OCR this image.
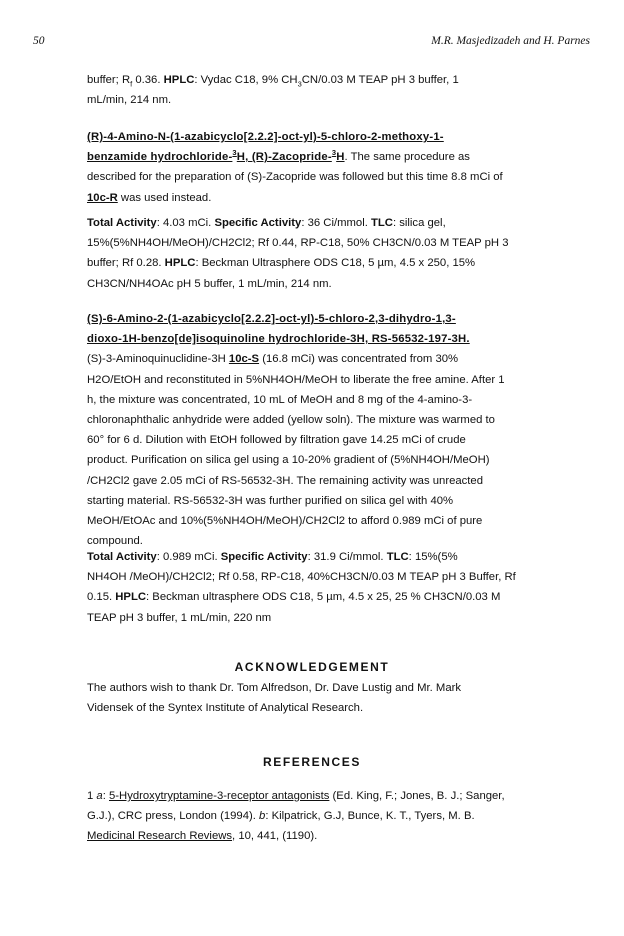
50	M.R. Masjedizadeh and H. Parnes

buffer; $R_f$ 0.36. HPLC: Vydac C18, 9% $CH_3CN/0.03$ M TEAP pH 3 buffer, 1

mL/min, 214 nm.

(R)-4-Amino-N-(1-azabicyclo[2.2.2]-oct-yl)-5-chloro-2-methoxy-1-

benzamide hydrochloride-$^3$H, (R)-Zacopride-$^3$H. The same procedure as

described for the preparation of (S)-Zacopride was followed but this time 8.8 mCi of

10c-R was used instead.

Total Activity: 4.03 mCi. Specific Activity: 36 Ci/mmol. TLC: silica gel,

15%(5%NH4OH/MeOH)/CH2Cl2; Rf 0.44, RP-C18, 50% CH3CN/0.03 M TEAP pH 3

buffer; Rf 0.28. HPLC: Beckman Ultrasphere ODS C18, 5 µm, 4.5 x 250, 15%

CH3CN/NH4OAc pH 5 buffer, 1 mL/min, 214 nm.

(S)-6-Amino-2-(1-azabicyclo[2.2.2]-oct-yl)-5-chloro-2,3-dihydro-1,3-

dioxo-1H-benzo[de]isoquinoline hydrochloride-3H, RS-56532-197-3H.

(S)-3-Aminoquinuclidine-3H 10c-S (16.8 mCi) was concentrated from 30%

H2O/EtOH and reconstituted in 5%NH4OH/MeOH to liberate the free amine. After 1

h, the mixture was concentrated, 10 mL of MeOH and 8 mg of the 4-amino-3-

chloronaphthalic anhydride were added (yellow soln). The mixture was warmed to

60° for 6 d. Dilution with EtOH followed by filtration gave 14.25 mCi of crude

product. Purification on silica gel using a 10-20% gradient of (5%NH4OH/MeOH)

/CH2Cl2 gave 2.05 mCi of RS-56532-3H. The remaining activity was unreacted

starting material. RS-56532-3H was further purified on silica gel with 40%

MeOH/EtOAc and 10%(5%NH4OH/MeOH)/CH2Cl2 to afford 0.989 mCi of pure

compound.

Total Activity: 0.989 mCi. Specific Activity: 31.9 Ci/mmol. TLC: 15%(5%

NH4OH /MeOH)/CH2Cl2; Rf 0.58, RP-C18, 40%CH3CN/0.03 M TEAP pH 3 Buffer, Rf

0.15. HPLC: Beckman ultrasphere ODS C18, 5 µm, 4.5 x 25, 25 % CH3CN/0.03 M

TEAP pH 3 buffer, 1 mL/min, 220 nm

ACKNOWLEDGEMENT

The authors wish to thank Dr. Tom Alfredson, Dr. Dave Lustig and Mr. Mark

Vidensek of the Syntex Institute of Analytical Research.

REFERENCES

1 a: 5-Hydroxytryptamine-3-receptor antagonists (Ed. King, F.; Jones, B. J.; Sanger,

G.J.), CRC press, London (1994). b: Kilpatrick, G.J, Bunce, K. T., Tyers, M. B.

Medicinal Research Reviews, 10, 441, (1190).
